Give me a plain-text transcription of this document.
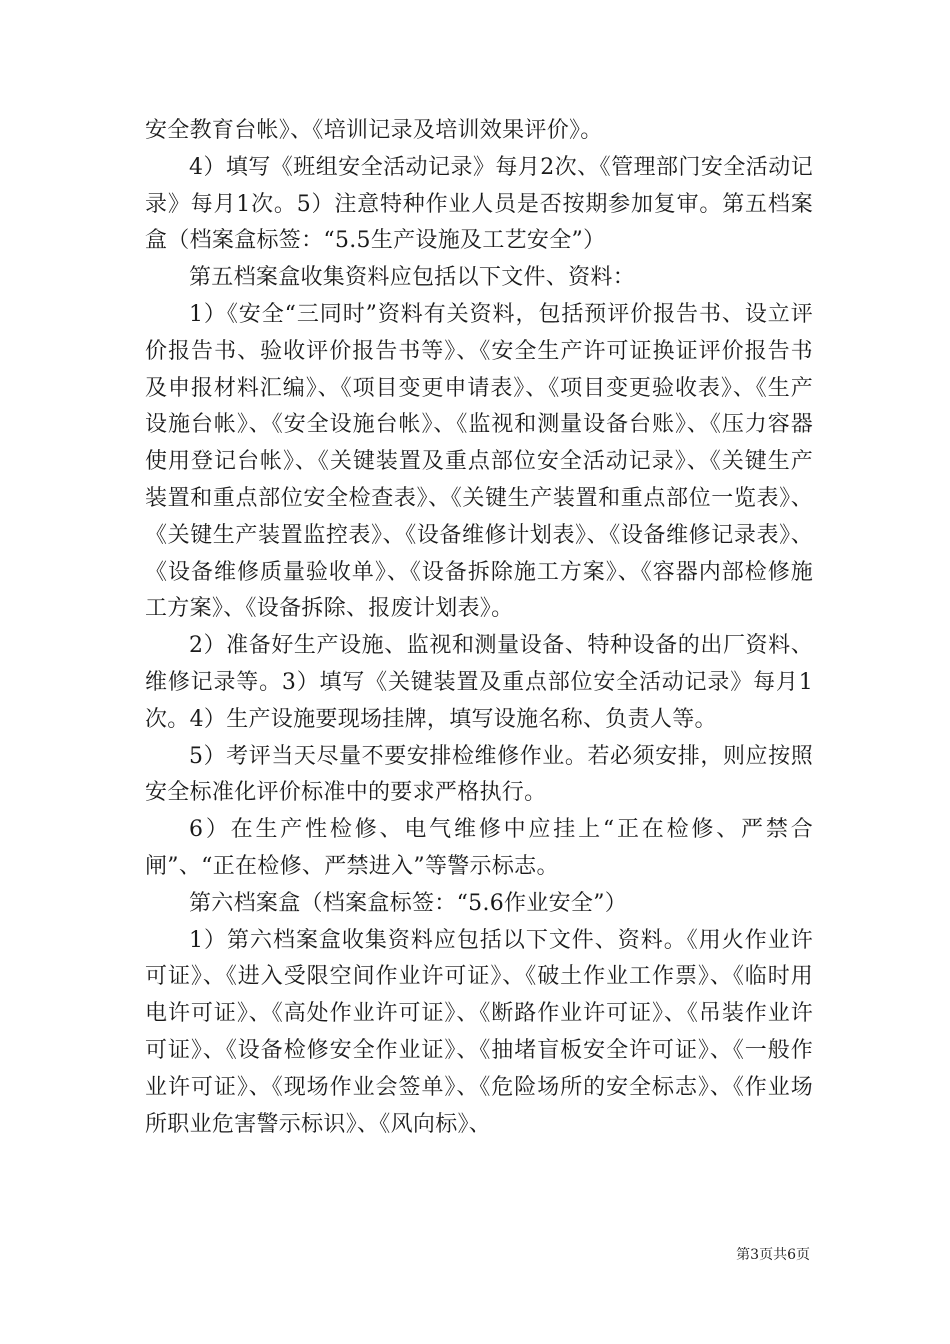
安全教育台帐》、《培训记录及培训效果评价》。

4）填写《班组安全活动记录》每月2次、《管理部门安全活动记录》每月1次。5）注意特种作业人员是否按期参加复审。第五档案盒（档案盒标签：“5.5生产设施及工艺安全”）

第五档案盒收集资料应包括以下文件、资料：

1）《安全“三同时”资料有关资料，包括预评价报告书、设立评价报告书、验收评价报告书等》、《安全生产许可证换证评价报告书及申报材料汇编》、《项目变更申请表》、《项目变更验收表》、《生产设施台帐》、《安全设施台帐》、《监视和测量设备台账》、《压力容器使用登记台帐》、《关键装置及重点部位安全活动记录》、《关键生产装置和重点部位安全检查表》、《关键生产装置和重点部位一览表》、《关键生产装置监控表》、《设备维修计划表》、《设备维修记录表》、《设备维修质量验收单》、《设备拆除施工方案》、《容器内部检修施工方案》、《设备拆除、报废计划表》。

2）准备好生产设施、监视和测量设备、特种设备的出厂资料、维修记录等。3）填写《关键装置及重点部位安全活动记录》每月1次。4）生产设施要现场挂牌，填写设施名称、负责人等。

5）考评当天尽量不要安排检维修作业。若必须安排，则应按照安全标准化评价标准中的要求严格执行。

6）在生产性检修、电气维修中应挂上“正在检修、严禁合闸”、“正在检修、严禁进入”等警示标志。

第六档案盒（档案盒标签：“5.6作业安全”）

1）第六档案盒收集资料应包括以下文件、资料。《用火作业许可证》、《进入受限空间作业许可证》、《破土作业工作票》、《临时用电许可证》、《高处作业许可证》、《断路作业许可证》、《吊装作业许可证》、《设备检修安全作业证》、《抽堵盲板安全许可证》、《一般作业许可证》、《现场作业会签单》、《危险场所的安全标志》、《作业场所职业危害警示标识》、《风向标》、

第3页共6页
